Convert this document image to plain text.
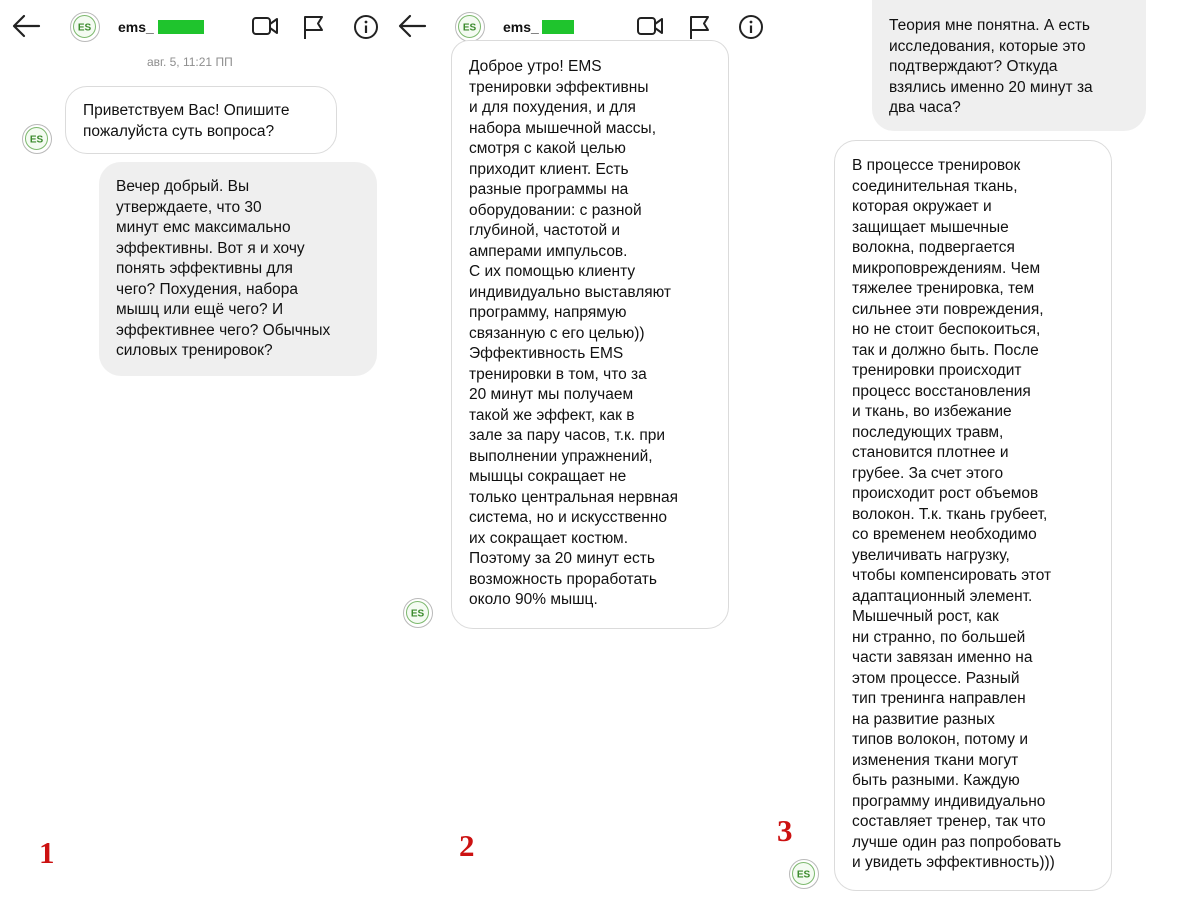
ES ems_
авг. 5, 11:21 ПП
ES
Приветствуем Вас! Опишите
пожалуйста суть вопроса?
Вечер добрый. Вы
утверждаете, что 30
минут емс максимально
эффективны. Вот я и хочу
понять эффективны для
чего? Похудения, набора
мышц или ещё чего? И
эффективнее чего? Обычных
силовых тренировок?
1
ES ems_
Доброе утро! EMS
тренировки эффективны
и для похудения, и для
набора мышечной массы,
смотря с какой целью
приходит клиент. Есть
разные программы на
оборудовании: с разной
глубиной, частотой и
амперами импульсов.
С их помощью клиенту
индивидуально выставляют
программу, напрямую
связанную с его целью))
Эффективность EMS
тренировки в том, что за
20 минут мы получаем
такой же эффект, как в
зале за пару часов, т.к. при
выполнении упражнений,
мышцы сокращает не
только центральная нервная
система, но и искусственно
их сокращает костюм.
Поэтому за 20 минут есть
возможность проработать
около 90% мышц.
ES
2
Теория мне понятна. А есть
исследования, которые это
подтверждают? Откуда
взялись именно 20 минут за
два часа?
В процессе тренировок
соединительная ткань,
которая окружает и
защищает мышечные
волокна, подвергается
микроповреждениям. Чем
тяжелее тренировка, тем
сильнее эти повреждения,
но не стоит беспокоиться,
так и должно быть. После
тренировки происходит
процесс восстановления
и ткань, во избежание
последующих травм,
становится плотнее и
грубее. За счет этого
происходит рост объемов
волокон. Т.к. ткань грубеет,
со временем необходимо
увеличивать нагрузку,
чтобы компенсировать этот
адаптационный элемент.
Мышечный рост, как
ни странно, по большей
части завязан именно на
этом процессе. Разный
тип тренинга направлен
на развитие разных
типов волокон, потому и
изменения ткани могут
быть разными. Каждую
программу индивидуально
составляет тренер, так что
лучше один раз попробовать
и увидеть эффективность)))
ES
3
